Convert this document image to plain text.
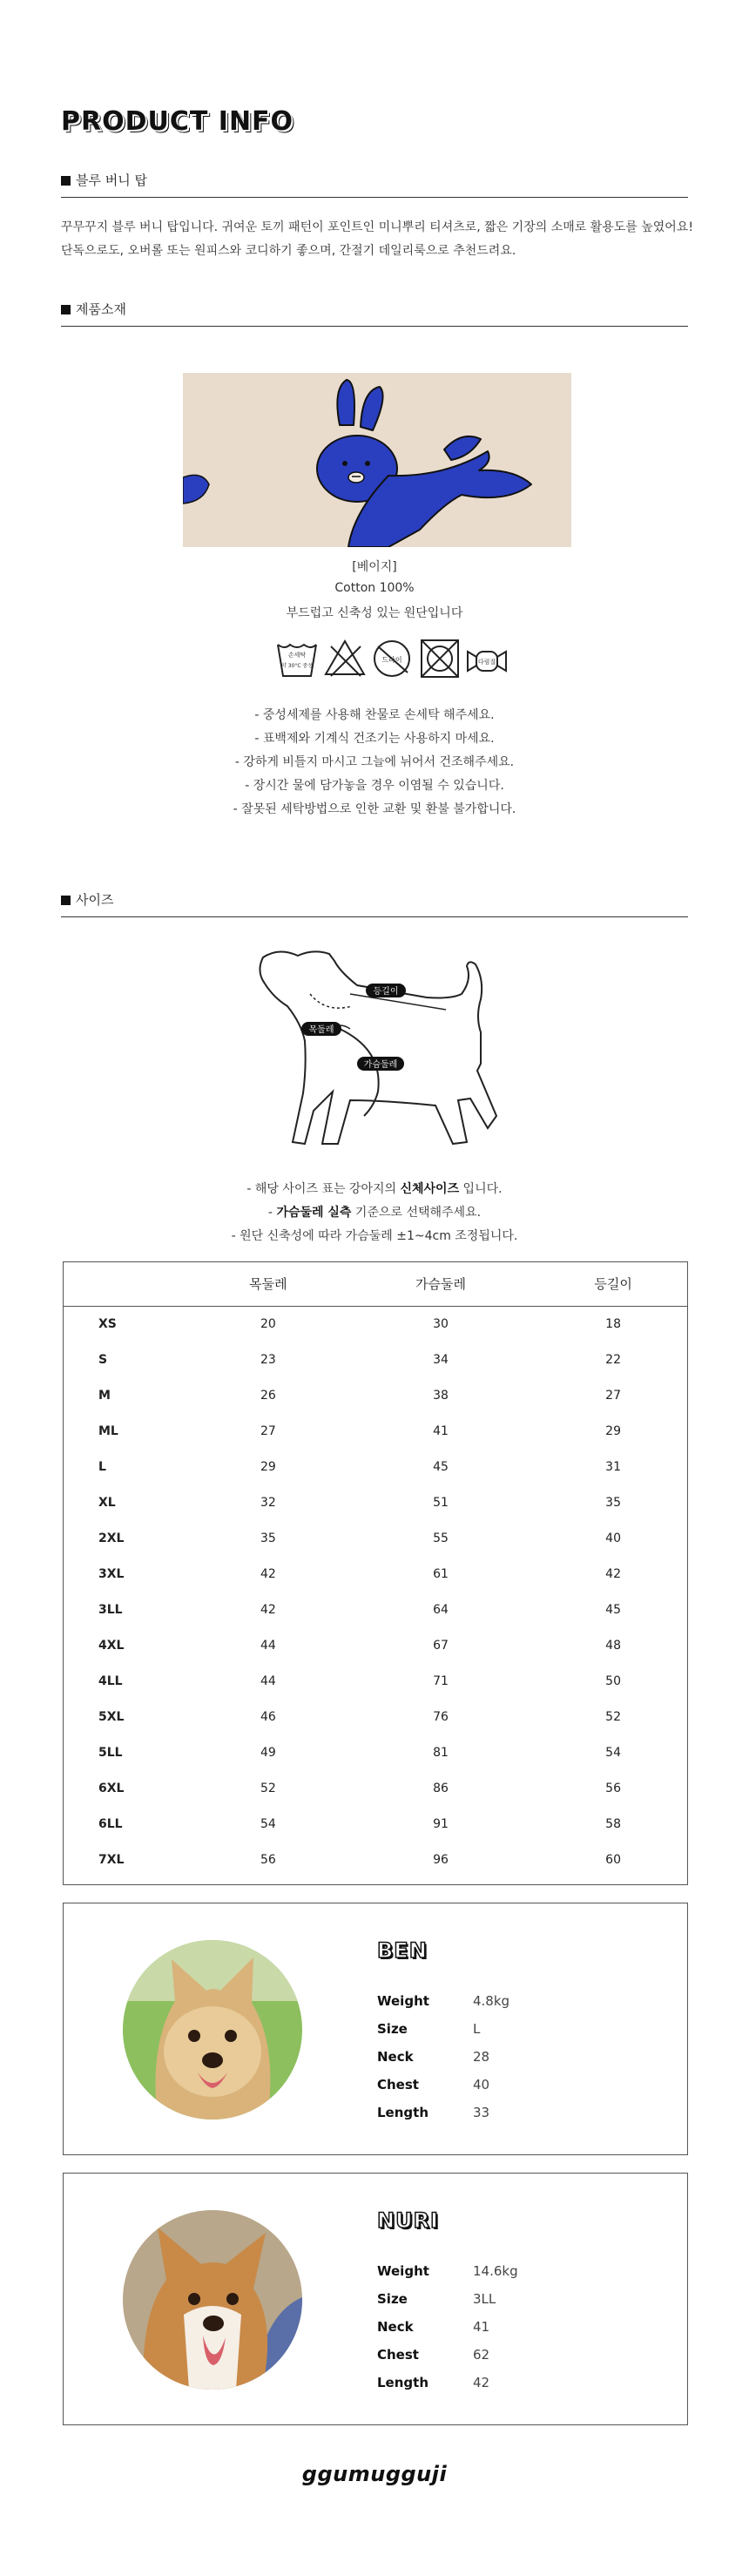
PRODUCT INFO
블루 버니 탑
꾸무꾸지 블루 버니 탑입니다. 귀여운 토끼 패턴이 포인트인 미니뿌리 티셔츠로, 짧은 기장의 소매로 활용도를 높였어요! 단독으로도, 오버롤 또는 원피스와 코디하기 좋으며, 간절기 데일리룩으로 추천드려요.
제품소재
[베이지]
Cotton 100%
부드럽고 신축성 있는 원단입니다
손세탁
약 30°C 중성
드라이	다림질
- 중성세제를 사용해 찬물로 손세탁 해주세요.
- 표백제와 기계식 건조기는 사용하지 마세요.
- 강하게 비틀지 마시고 그늘에 뉘어서 건조해주세요.
- 장시간 물에 담가놓을 경우 이염될 수 있습니다.
- 잘못된 세탁방법으로 인한 교환 및 환불 불가합니다.
사이즈
등길이
목둘레
가슴둘레
- 해당 사이즈 표는 강아지의 신체사이즈 입니다.
- 가슴둘레 실측 기준으로 선택해주세요.
- 원단 신축성에 따라 가슴둘레 ±1~4cm 조정됩니다.
	목둘레	가슴둘레	등길이
XS	20	30	18
S	23	34	22
M	26	38	27
ML	27	41	29
L	29	45	31
XL	32	51	35
2XL	35	55	40
3XL	42	61	42
3LL	42	64	45
4XL	44	67	48
4LL	44	71	50
5XL	46	76	52
5LL	49	81	54
6XL	52	86	56
6LL	54	91	58
7XL	56	96	60
BEN
Weight	4.8kg
Size	L
Neck	28
Chest	40
Length	33
NURI
Weight	14.6kg
Size	3LL
Neck	41
Chest	62
Length	42
ggumugguji
